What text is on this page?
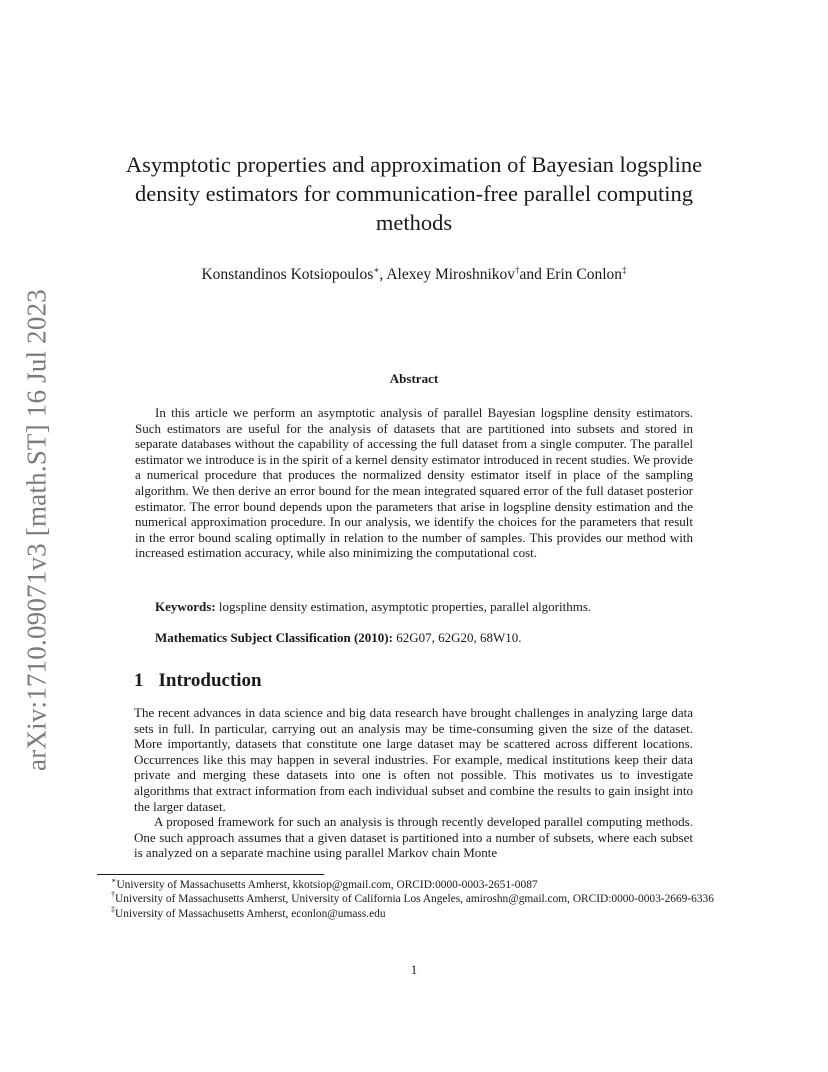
arXiv:1710.09071v3 [math.ST] 16 Jul 2023
Asymptotic properties and approximation of Bayesian logspline density estimators for communication-free parallel computing methods
Konstandinos Kotsiopoulos∗, Alexey Miroshnikov†and Erin Conlon‡
Abstract

In this article we perform an asymptotic analysis of parallel Bayesian logspline density estimators. Such estimators are useful for the analysis of datasets that are partitioned into subsets and stored in separate databases without the capability of accessing the full dataset from a single computer. The parallel estimator we introduce is in the spirit of a kernel density estimator introduced in recent studies. We provide a numerical procedure that produces the normalized density estimator itself in place of the sampling algorithm. We then derive an error bound for the mean integrated squared error of the full dataset posterior estimator. The error bound depends upon the parameters that arise in logspline density estimation and the numerical approximation procedure. In our analysis, we identify the choices for the parameters that result in the error bound scaling optimally in relation to the number of samples. This provides our method with increased estimation accuracy, while also minimizing the computational cost.

Keywords: logspline density estimation, asymptotic properties, parallel algorithms.
Mathematics Subject Classification (2010): 62G07, 62G20, 68W10.
1 Introduction

The recent advances in data science and big data research have brought challenges in analyzing large data sets in full. In particular, carrying out an analysis may be time-consuming given the size of the dataset. More importantly, datasets that constitute one large dataset may be scattered across different locations. Occurrences like this may happen in several industries. For example, medical institutions keep their data private and merging these datasets into one is often not possible. This motivates us to investigate algorithms that extract information from each individual subset and combine the results to gain insight into the larger dataset.

A proposed framework for such an analysis is through recently developed parallel computing methods. One such approach assumes that a given dataset is partitioned into a number of subsets, where each subset is analyzed on a separate machine using parallel Markov chain Monte

∗University of Massachusetts Amherst, kkotsiop@gmail.com, ORCID:0000-0003-2651-0087

†University of Massachusetts Amherst, University of California Los Angeles, amiroshn@gmail.com, ORCID:0000-0003-2669-6336

‡University of Massachusetts Amherst, econlon@umass.edu

1
